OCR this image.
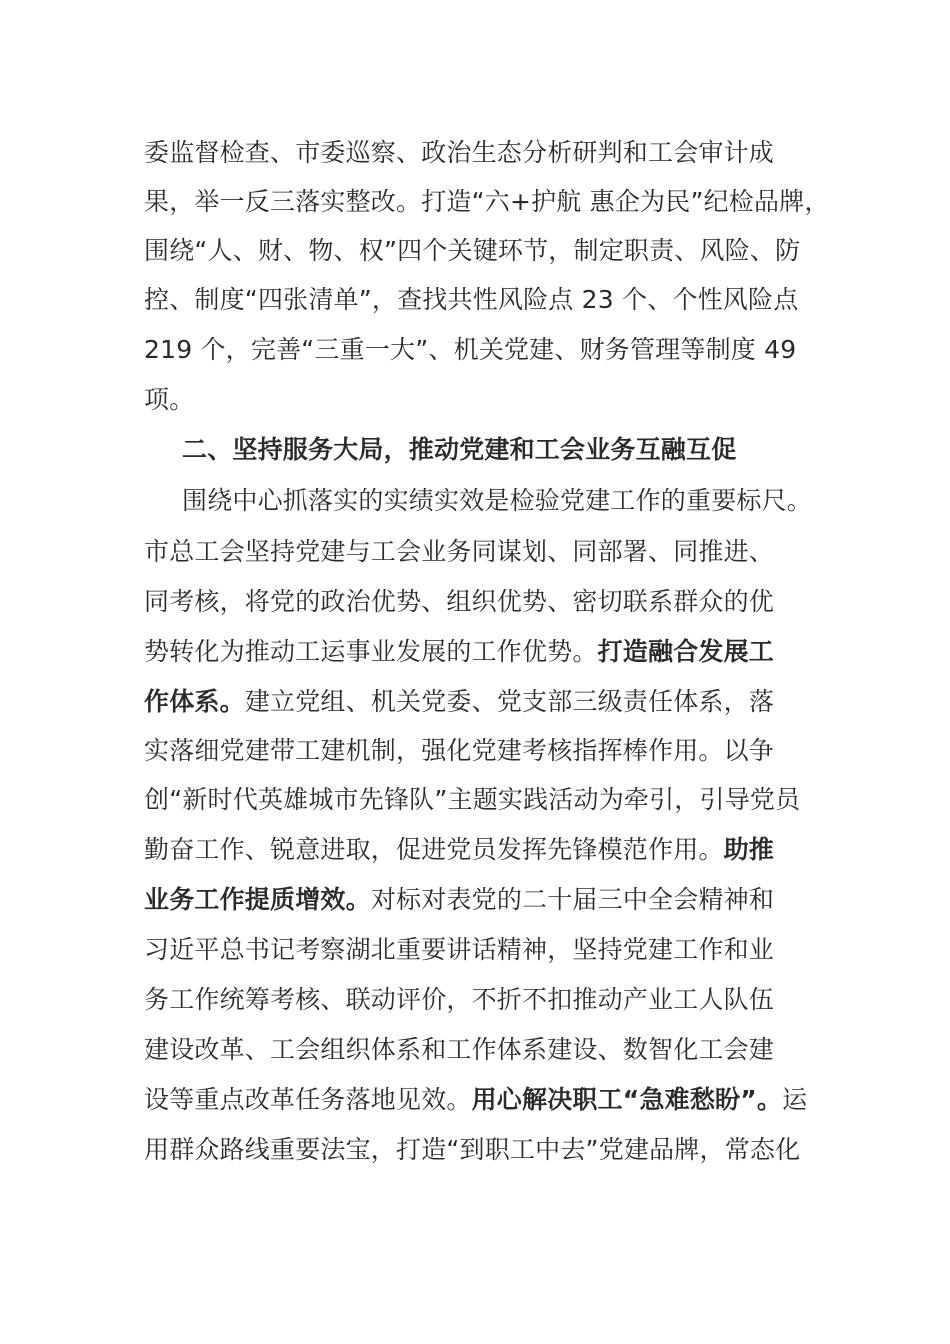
委监督检查、市委巡察、政治生态分析研判和工会审计成
果，举一反三落实整改。打造“六+护航 惠企为民”纪检品牌，
围绕“人、财、物、权”四个关键环节，制定职责、风险、防
控、制度“四张清单”，查找共性风险点 23 个、个性风险点
219 个，完善“三重一大”、机关党建、财务管理等制度 49
项。
二、坚持服务大局，推动党建和工会业务互融互促
围绕中心抓落实的实绩实效是检验党建工作的重要标尺。
市总工会坚持党建与工会业务同谋划、同部署、同推进、
同考核，将党的政治优势、组织优势、密切联系群众的优
势转化为推动工运事业发展的工作优势。打造融合发展工
作体系。建立党组、机关党委、党支部三级责任体系，落
实落细党建带工建机制，强化党建考核指挥棒作用。以争
创“新时代英雄城市先锋队”主题实践活动为牵引，引导党员
勤奋工作、锐意进取，促进党员发挥先锋模范作用。助推
业务工作提质增效。对标对表党的二十届三中全会精神和
习近平总书记考察湖北重要讲话精神，坚持党建工作和业
务工作统筹考核、联动评价，不折不扣推动产业工人队伍
建设改革、工会组织体系和工作体系建设、数智化工会建
设等重点改革任务落地见效。用心解决职工“急难愁盼”。运
用群众路线重要法宝，打造“到职工中去”党建品牌，常态化
